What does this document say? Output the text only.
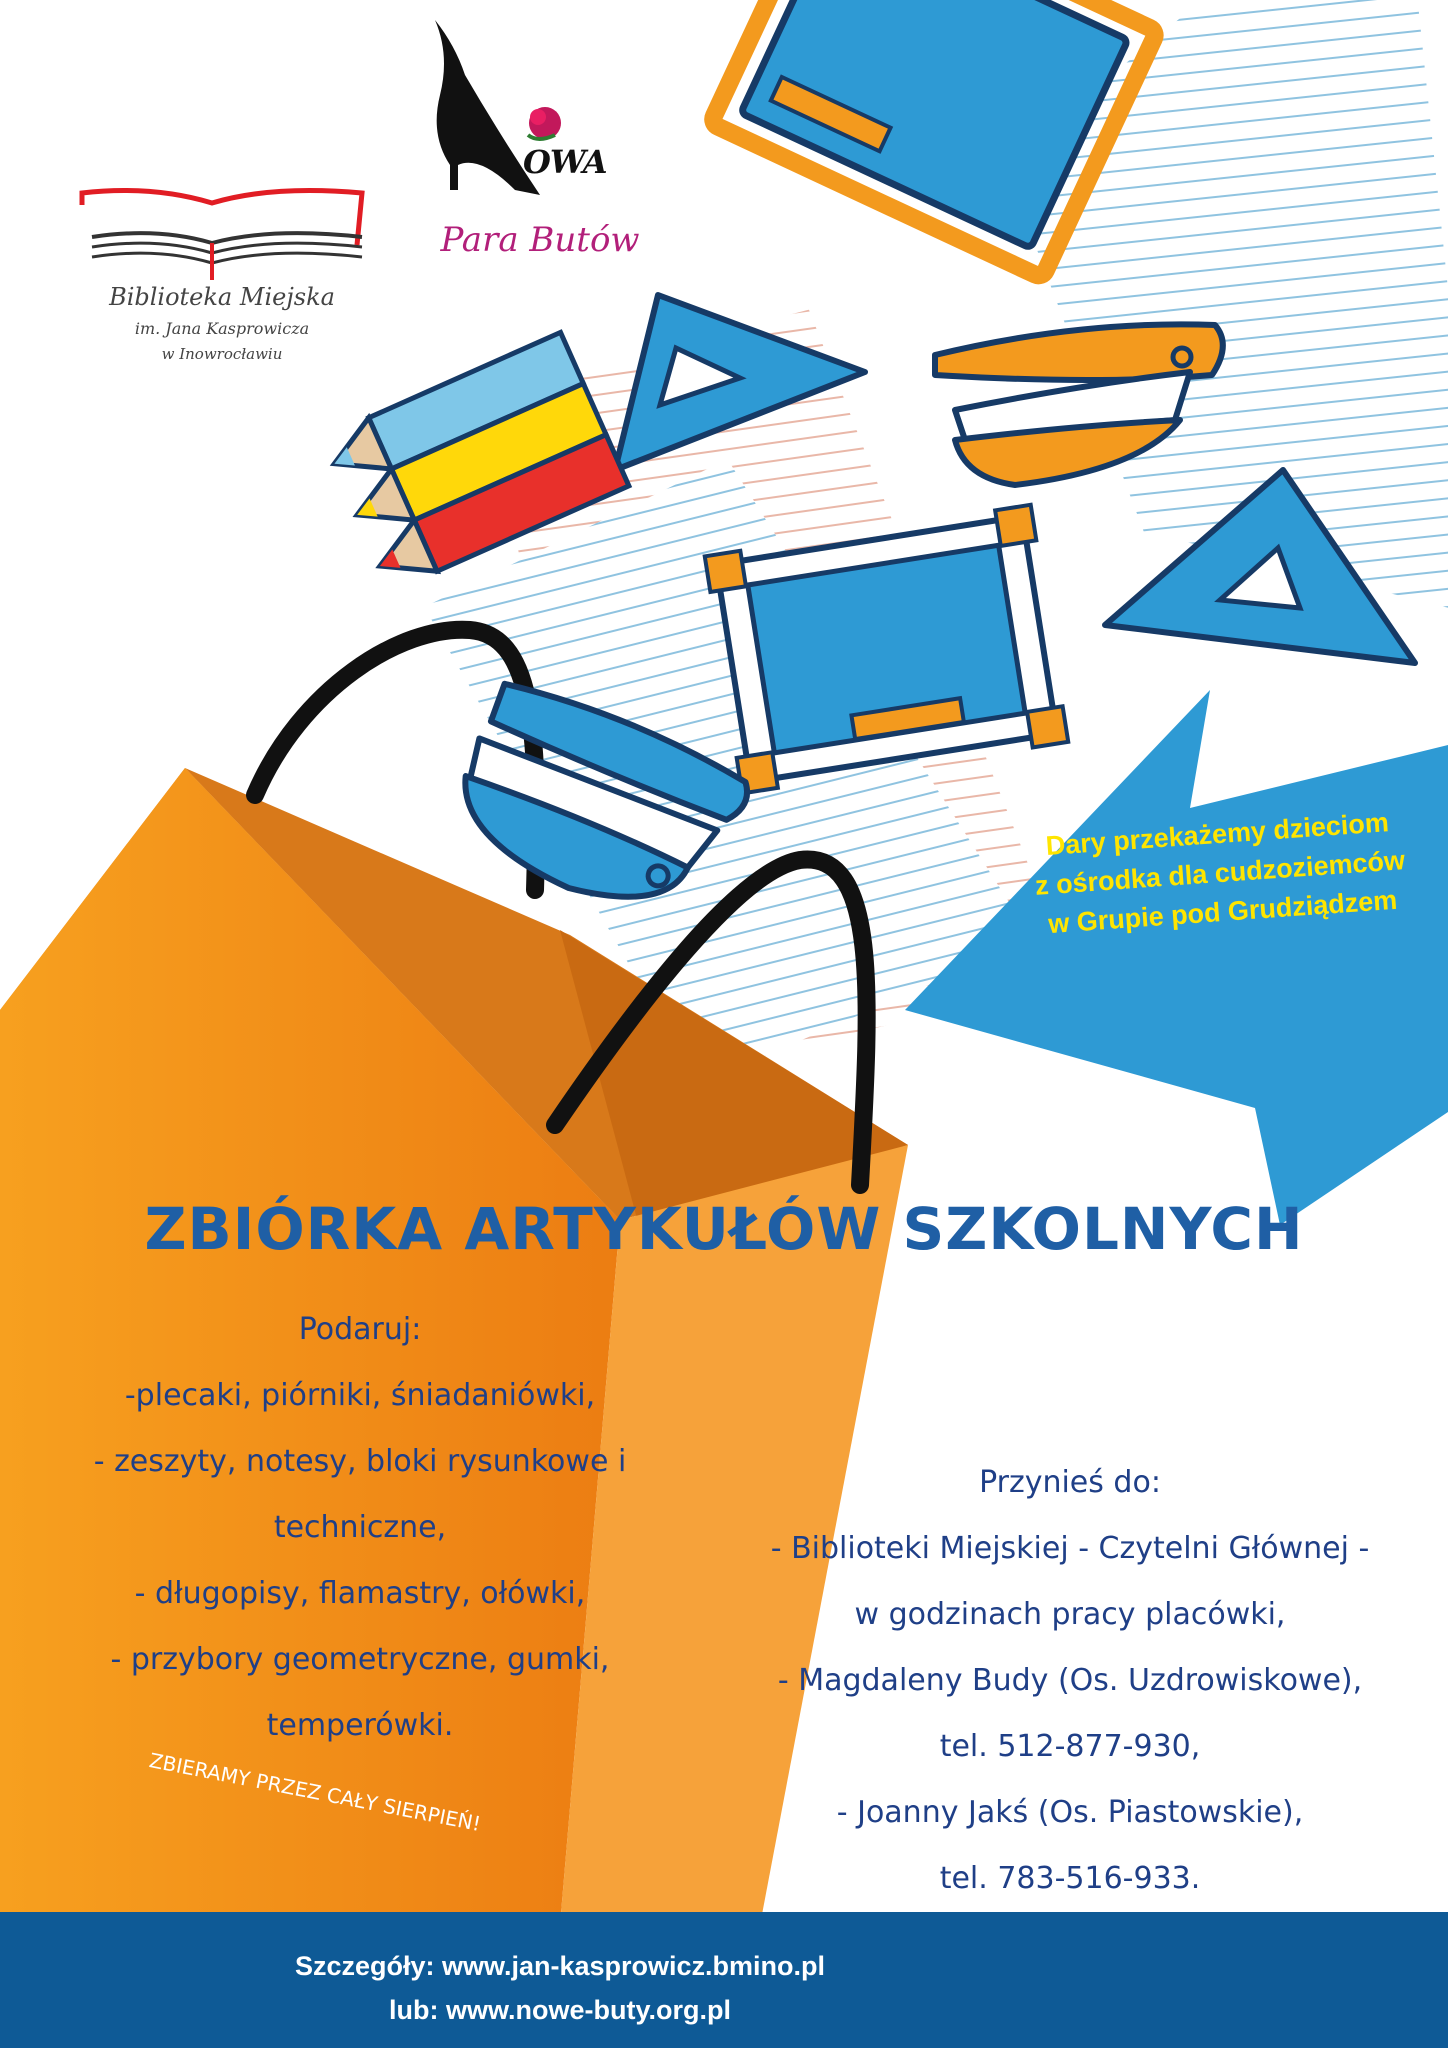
Biblioteka Miejska
im. Jana Kasprowicza
w Inowrocławiu
OWA
Para Butów
Dary przekażemy dzieciom
z ośrodka dla cudzoziemców
w Grupie pod Grudziądzem
ZBIÓRKA ARTYKUŁÓW SZKOLNYCH
Podaruj:
-plecaki, piórniki, śniadaniówki,
- zeszyty, notesy, bloki rysunkowe i
techniczne,
- długopisy, flamastry, ołówki,
- przybory geometryczne, gumki,
temperówki.
ZBIERAMY PRZEZ CAŁY SIERPIEŃ!
Przynieś do:
- Biblioteki Miejskiej - Czytelni Głównej -
w godzinach pracy placówki,
- Magdaleny Budy (Os. Uzdrowiskowe),
tel. 512-877-930,
- Joanny Jakś (Os. Piastowskie),
tel. 783-516-933.
Szczegóły: www.jan-kasprowicz.bmino.pl
lub: www.nowe-buty.org.pl
